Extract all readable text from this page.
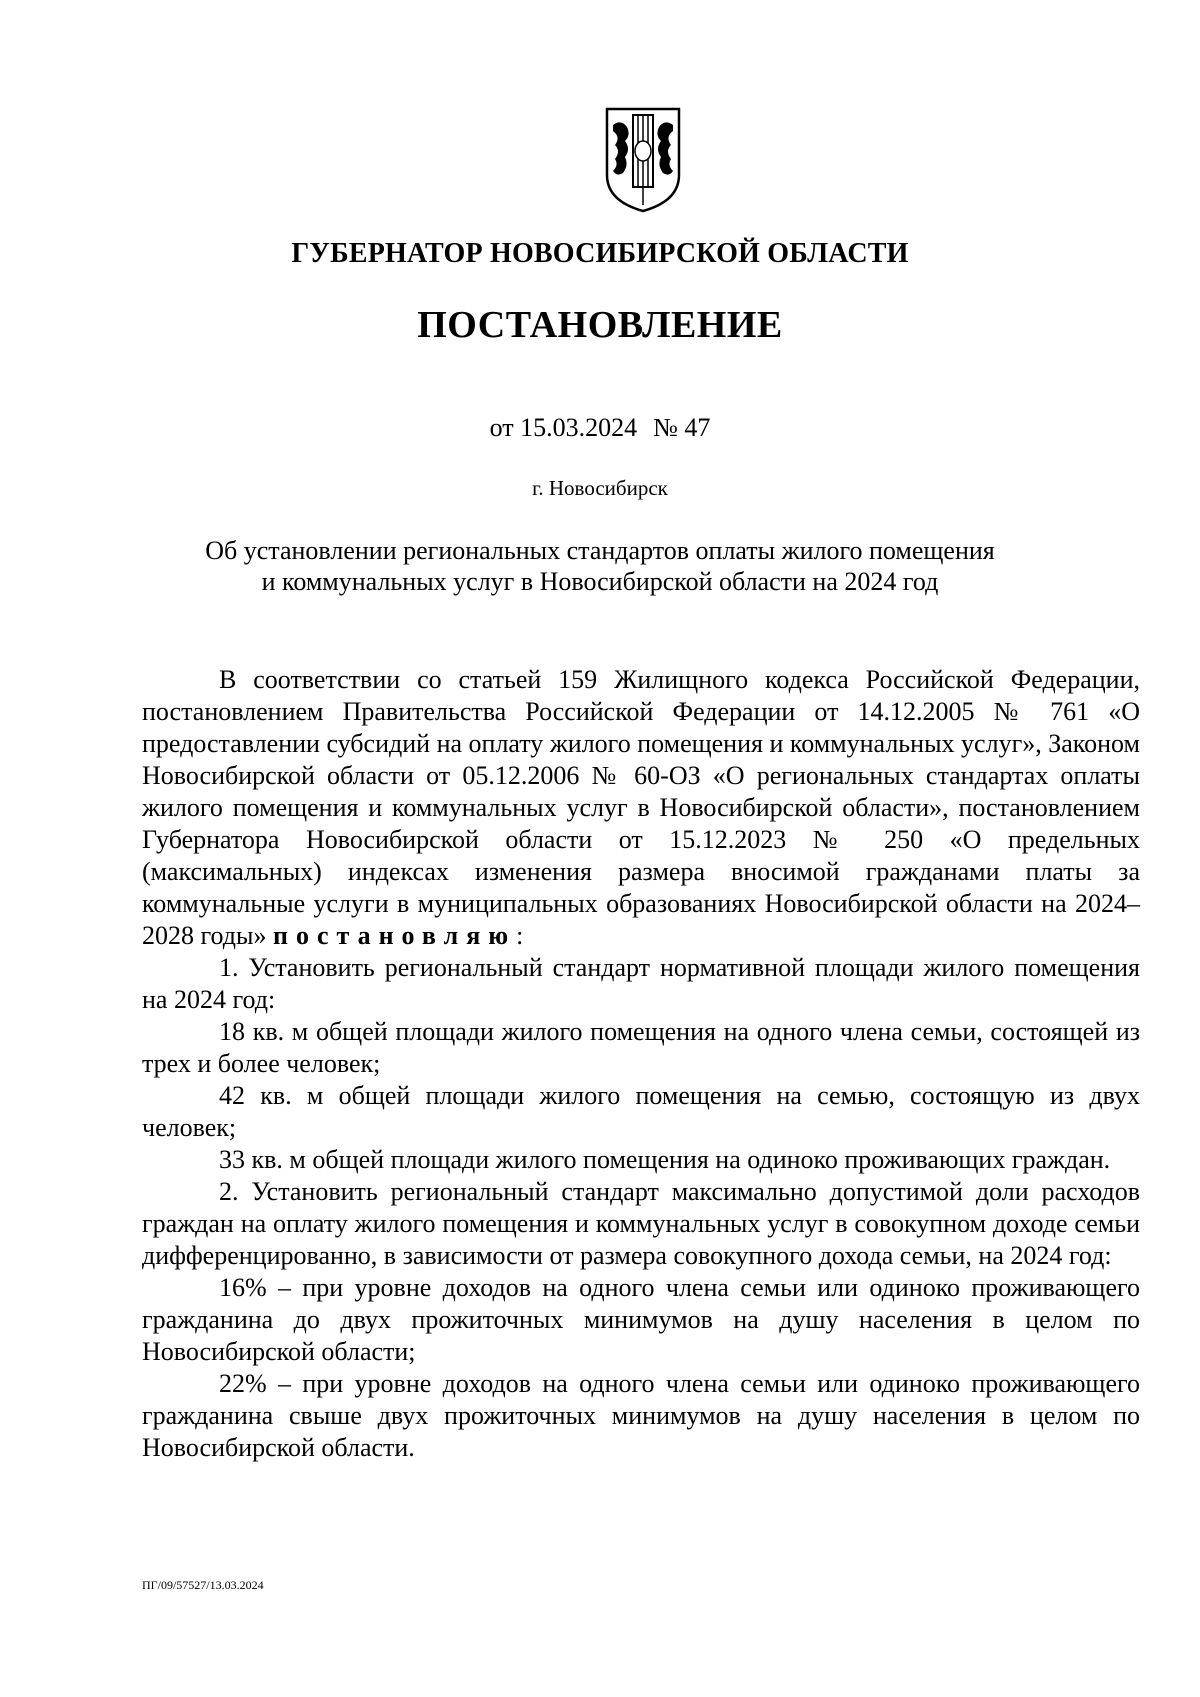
ГУБЕРНАТОР НОВОСИБИРСКОЙ ОБЛАСТИ
ПОСТАНОВЛЕНИЕ
от 15.03.2024 № 47
г. Новосибирск
Об установлении региональных стандартов оплаты жилого помещения
и коммунальных услуг в Новосибирской области на 2024 год

В соответствии со статьей 159 Жилищного кодекса Российской Федерации, постановлением Правительства Российской Федерации от 14.12.2005 № 761 «О предоставлении субсидий на оплату жилого помещения и коммунальных услуг», Законом Новосибирской области от 05.12.2006 № 60-ОЗ «О региональных стандартах оплаты жилого помещения и коммунальных услуг в Новосибирской области», постановлением Губернатора Новосибирской области от 15.12.2023 № 250 «О предельных (максимальных) индексах изменения размера вносимой гражданами платы за коммунальные услуги в муниципальных образованиях Новосибирской области на 2024–2028 годы» постановляю:

1. Установить региональный стандарт нормативной площади жилого помещения на 2024 год:

18 кв. м общей площади жилого помещения на одного члена семьи, состоящей из трех и более человек;

42 кв. м общей площади жилого помещения на семью, состоящую из двух человек;

33 кв. м общей площади жилого помещения на одиноко проживающих граждан.

2. Установить региональный стандарт максимально допустимой доли расходов граждан на оплату жилого помещения и коммунальных услуг в совокупном доходе семьи дифференцированно, в зависимости от размера совокупного дохода семьи, на 2024 год:

16% – при уровне доходов на одного члена семьи или одиноко проживающего гражданина до двух прожиточных минимумов на душу населения в целом по Новосибирской области;

22% – при уровне доходов на одного члена семьи или одиноко проживающего гражданина свыше двух прожиточных минимумов на душу населения в целом по Новосибирской области.

ПГ/09/57527/13.03.2024
